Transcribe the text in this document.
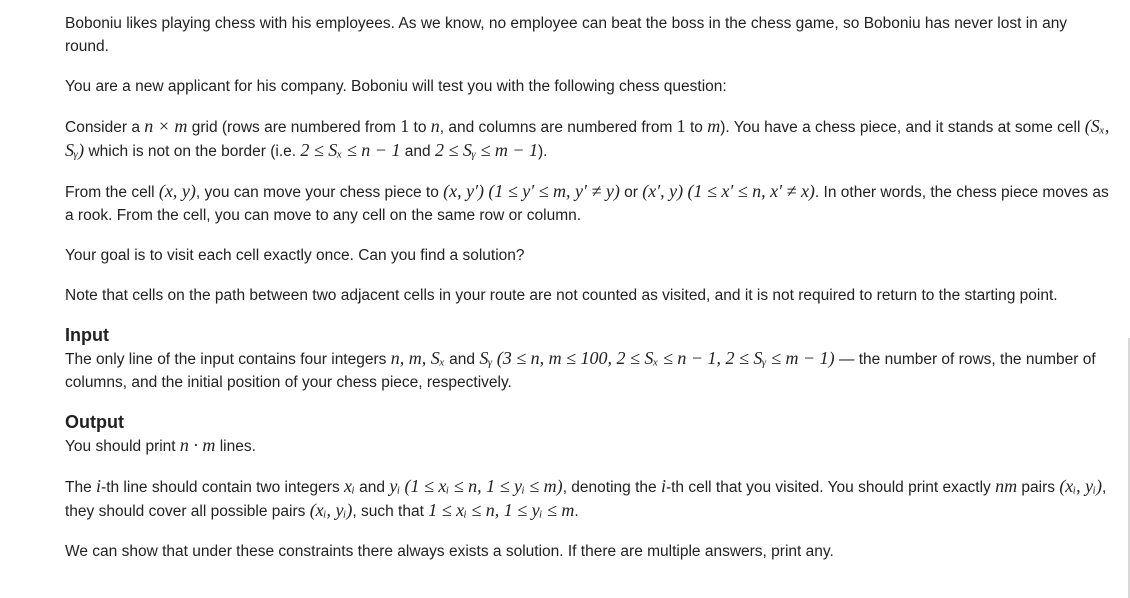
Boboniu likes playing chess with his employees. As we know, no employee can beat the boss in the chess game, so Boboniu has never lost in any round.

You are a new applicant for his company. Boboniu will test you with the following chess question:

Consider a n × m grid (rows are numbered from 1 to n, and columns are numbered from 1 to m). You have a chess piece, and it stands at some cell (Sₓ, Sᵧ) which is not on the border (i.e. 2 ≤ Sₓ ≤ n − 1 and 2 ≤ Sᵧ ≤ m − 1).

From the cell (x, y), you can move your chess piece to (x, y′) (1 ≤ y′ ≤ m, y′ ≠ y) or (x′, y) (1 ≤ x′ ≤ n, x′ ≠ x). In other words, the chess piece moves as a rook. From the cell, you can move to any cell on the same row or column.

Your goal is to visit each cell exactly once. Can you find a solution?

Note that cells on the path between two adjacent cells in your route are not counted as visited, and it is not required to return to the starting point.

Input

The only line of the input contains four integers n, m, Sₓ and Sᵧ (3 ≤ n, m ≤ 100, 2 ≤ Sₓ ≤ n − 1, 2 ≤ Sᵧ ≤ m − 1) — the number of rows, the number of columns, and the initial position of your chess piece, respectively.

Output

You should print n · m lines.

The i-th line should contain two integers xᵢ and yᵢ (1 ≤ xᵢ ≤ n, 1 ≤ yᵢ ≤ m), denoting the i-th cell that you visited. You should print exactly nm pairs (xᵢ, yᵢ), they should cover all possible pairs (xᵢ, yᵢ), such that 1 ≤ xᵢ ≤ n, 1 ≤ yᵢ ≤ m.

We can show that under these constraints there always exists a solution. If there are multiple answers, print any.
